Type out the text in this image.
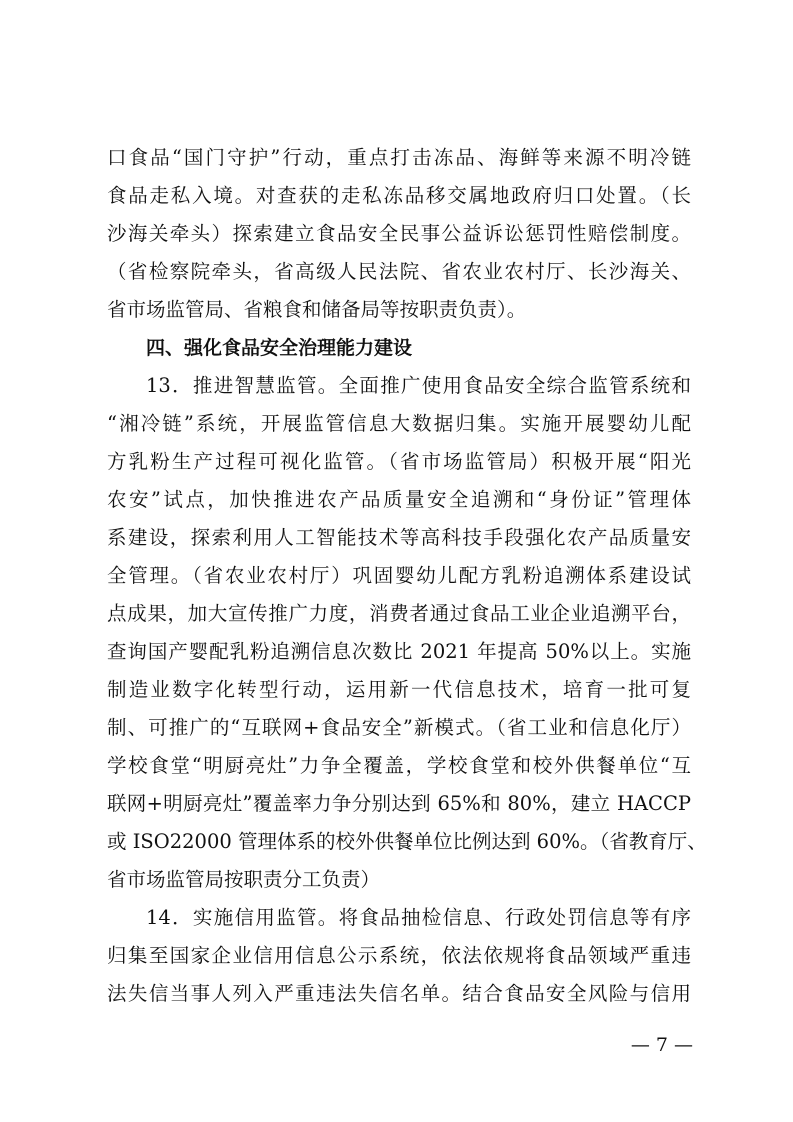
口食品“国门守护”行动，重点打击冻品、海鲜等来源不明冷链
食品走私入境。对查获的走私冻品移交属地政府归口处置。（长
沙海关牵头）探索建立食品安全民事公益诉讼惩罚性赔偿制度。
（省检察院牵头，省高级人民法院、省农业农村厅、长沙海关、
省市场监管局、省粮食和储备局等按职责负责）。
四、强化食品安全治理能力建设
13．推进智慧监管。全面推广使用食品安全综合监管系统和
“湘冷链”系统，开展监管信息大数据归集。实施开展婴幼儿配
方乳粉生产过程可视化监管。（省市场监管局）积极开展“阳光
农安”试点，加快推进农产品质量安全追溯和“身份证”管理体
系建设，探索利用人工智能技术等高科技手段强化农产品质量安
全管理。（省农业农村厅）巩固婴幼儿配方乳粉追溯体系建设试
点成果，加大宣传推广力度，消费者通过食品工业企业追溯平台，
查询国产婴配乳粉追溯信息次数比 2021 年提高 50%以上。实施
制造业数字化转型行动，运用新一代信息技术，培育一批可复
制、可推广的“互联网+食品安全”新模式。（省工业和信息化厅）
学校食堂“明厨亮灶”力争全覆盖，学校食堂和校外供餐单位“互
联网+明厨亮灶”覆盖率力争分别达到 65%和 80%，建立 HACCP
或 ISO22000 管理体系的校外供餐单位比例达到 60%。（省教育厅、
省市场监管局按职责分工负责）
14．实施信用监管。将食品抽检信息、行政处罚信息等有序
归集至国家企业信用信息公示系统，依法依规将食品领域严重违
法失信当事人列入严重违法失信名单。结合食品安全风险与信用
— 7 —
